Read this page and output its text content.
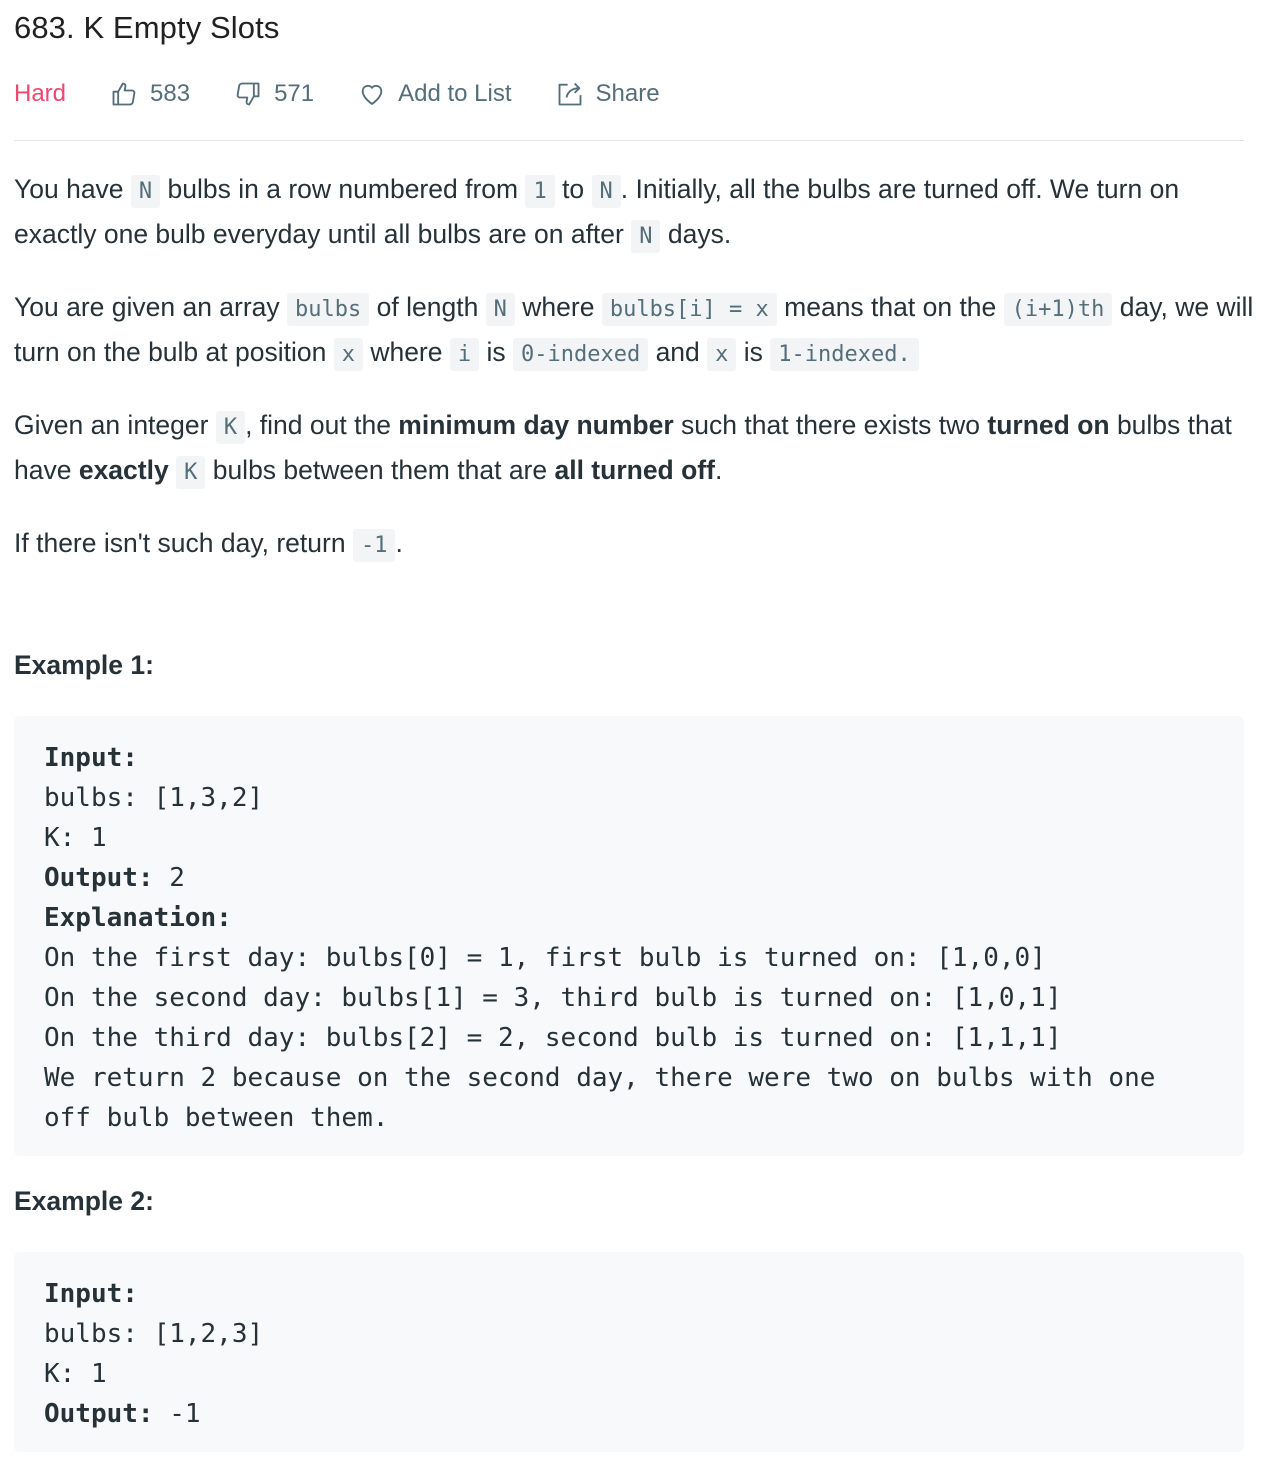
683. K Empty Slots
Hard	583	571	Add to List	Share

You have N bulbs in a row numbered from 1 to N . Initially, all the bulbs are turned off. We turn on exactly one bulb everyday until all bulbs are on after N days.

You are given an array bulbs of length N where bulbs[i] = x means that on the (i+1)th day, we will turn on the bulb at position x where i is 0-indexed and x is 1-indexed.

Given an integer K , find out the minimum day number such that there exists two turned on bulbs that have exactly K bulbs between them that are all turned off.

If there isn't such day, return -1 .

Example 1:
Input:
bulbs: [1,3,2]
K: 1
Output: 2
Explanation:
On the first day: bulbs[0] = 1, first bulb is turned on: [1,0,0]
On the second day: bulbs[1] = 3, third bulb is turned on: [1,0,1]
On the third day: bulbs[2] = 2, second bulb is turned on: [1,1,1]
We return 2 because on the second day, there were two on bulbs with one
off bulb between them.
Example 2:
Input:
bulbs: [1,2,3]
K: 1
Output: -1
